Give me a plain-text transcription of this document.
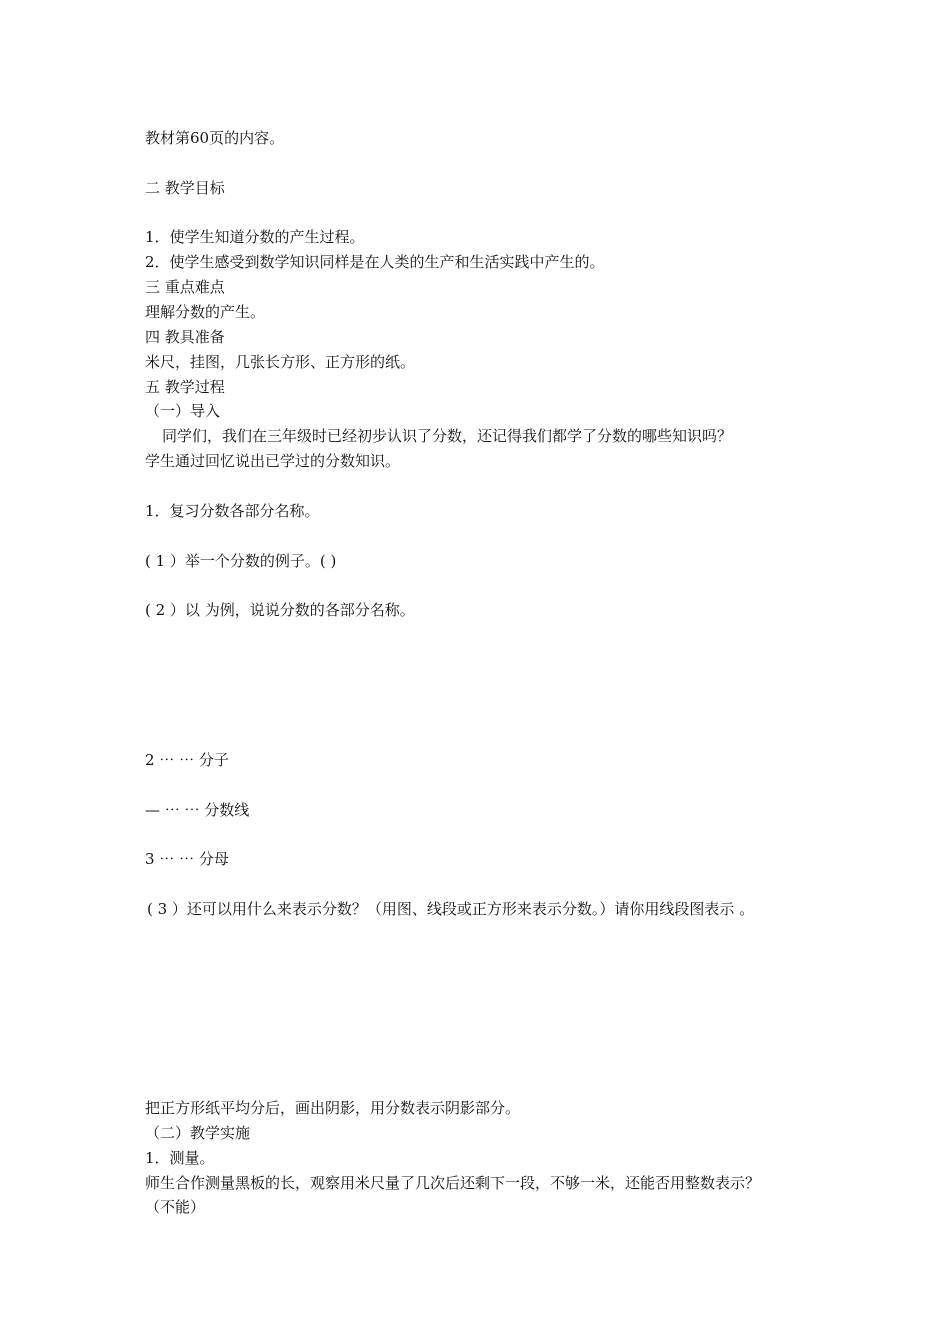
教材第60页的内容。
二 教学目标
1．使学生知道分数的产生过程。
2．使学生感受到数学知识同样是在人类的生产和生活实践中产生的。
三 重点难点
理解分数的产生。
四 教具准备
米尺，挂图，几张长方形、正方形的纸。
五 教学过程
（一）导入
同学们，我们在三年级时已经初步认识了分数，还记得我们都学了分数的哪些知识吗？
学生通过回忆说出已学过的分数知识。
1．复习分数各部分名称。
( 1 ）举一个分数的例子。( )
( 2 ）以 为例，说说分数的各部分名称。
2 ⋯ ⋯ 分子
— ⋯ ⋯ 分数线
3 ⋯ ⋯ 分母
( 3 ）还可以用什么来表示分数？（用图、线段或正方形来表示分数。）请你用线段图表示 。
把正方形纸平均分后，画出阴影，用分数表示阴影部分。
（二）教学实施
1．测量。
师生合作测量黑板的长，观察用米尺量了几次后还剩下一段，不够一米，还能否用整数表示？
（不能）
